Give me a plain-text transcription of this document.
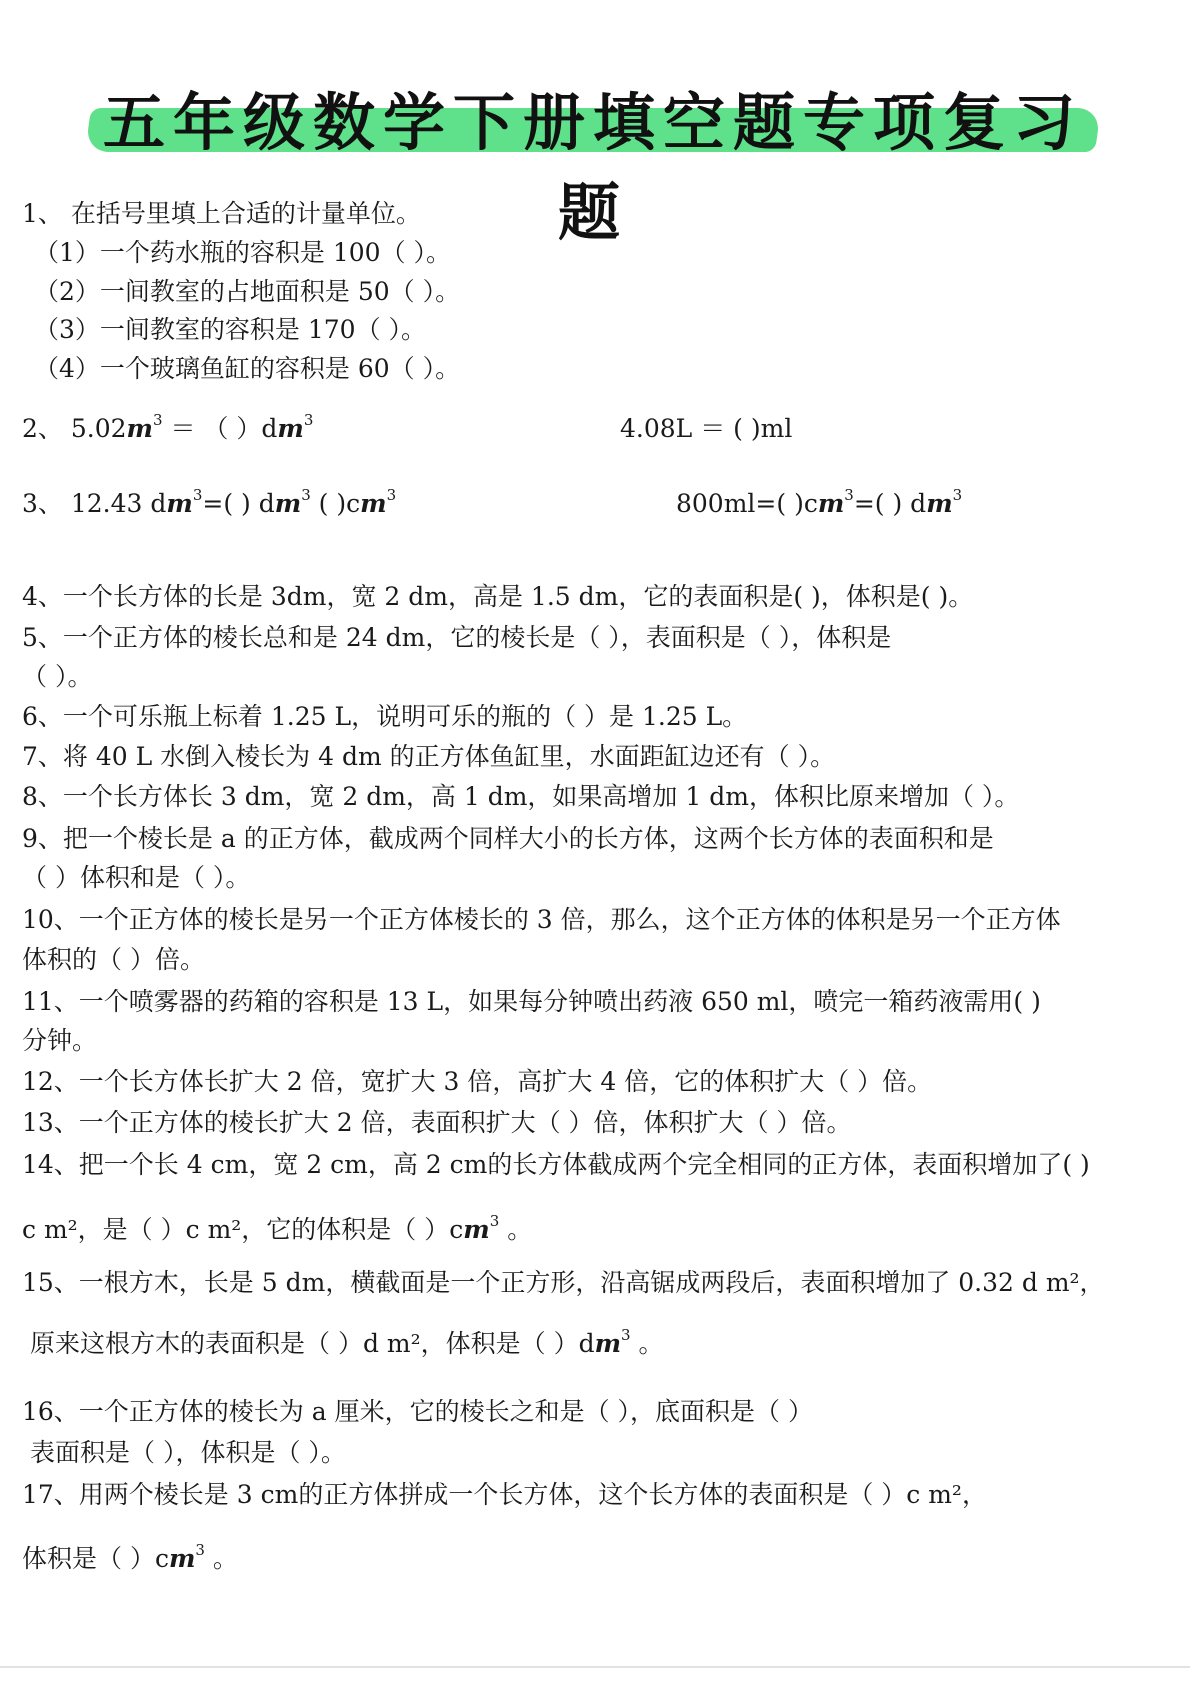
五年级数学下册填空题专项复习题
1、 在括号里填上合适的计量单位。
（1）一个药水瓶的容积是 100（ ）。
（2）一间教室的占地面积是 50（ ）。
（3）一间教室的容积是 170（ ）。
（4）一个玻璃鱼缸的容积是 60（ ）。
2、 $5.02m^3$ ＝ （ ）$dm^3$	4.08L ＝ ( )ml
3、 12.43 $dm^3=$( ) $dm^3$ ( )$cm^3$	800ml=( )$cm^3=$( ) $dm^3$
4、一个长方体的长是 3dm，宽 2 dm，高是 1.5 dm，它的表面积是( )，体积是( )。
5、一个正方体的棱长总和是 24 dm，它的棱长是（ ），表面积是（ ），体积是
（ ）。
6、一个可乐瓶上标着 1.25 L，说明可乐的瓶的（ ）是 1.25 L。
7、将 40 L 水倒入棱长为 4 dm 的正方体鱼缸里，水面距缸边还有（ ）。
8、一个长方体长 3 dm，宽 2 dm，高 1 dm，如果高增加 1 dm，体积比原来增加（ ）。
9、把一个棱长是 a 的正方体，截成两个同样大小的长方体，这两个长方体的表面积和是
（ ）体积和是（ ）。
10、一个正方体的棱长是另一个正方体棱长的 3 倍，那么，这个正方体的体积是另一个正方体
体积的（ ）倍。
11、一个喷雾器的药箱的容积是 13 L，如果每分钟喷出药液 650 ml，喷完一箱药液需用( )
分钟。
12、一个长方体长扩大 2 倍，宽扩大 3 倍，高扩大 4 倍，它的体积扩大（ ）倍。
13、一个正方体的棱长扩大 2 倍，表面积扩大（ ）倍，体积扩大（ ）倍。
14、把一个长 4 cm，宽 2 cm，高 2 cm的长方体截成两个完全相同的正方体，表面积增加了( )
c m²，是（ ）c m²，它的体积是（ ）$cm^3$ 。
15、一根方木，长是 5 dm，横截面是一个正方形，沿高锯成两段后，表面积增加了 0.32 d m²，
原来这根方木的表面积是（ ）d m²，体积是（ ）$dm^3$ 。
16、一个正方体的棱长为 a 厘米，它的棱长之和是（ ），底面积是（ ）
表面积是（ ），体积是（ ）。
17、用两个棱长是 3 cm的正方体拼成一个长方体，这个长方体的表面积是（ ）c m²，
体积是（ ）$cm^3$ 。
